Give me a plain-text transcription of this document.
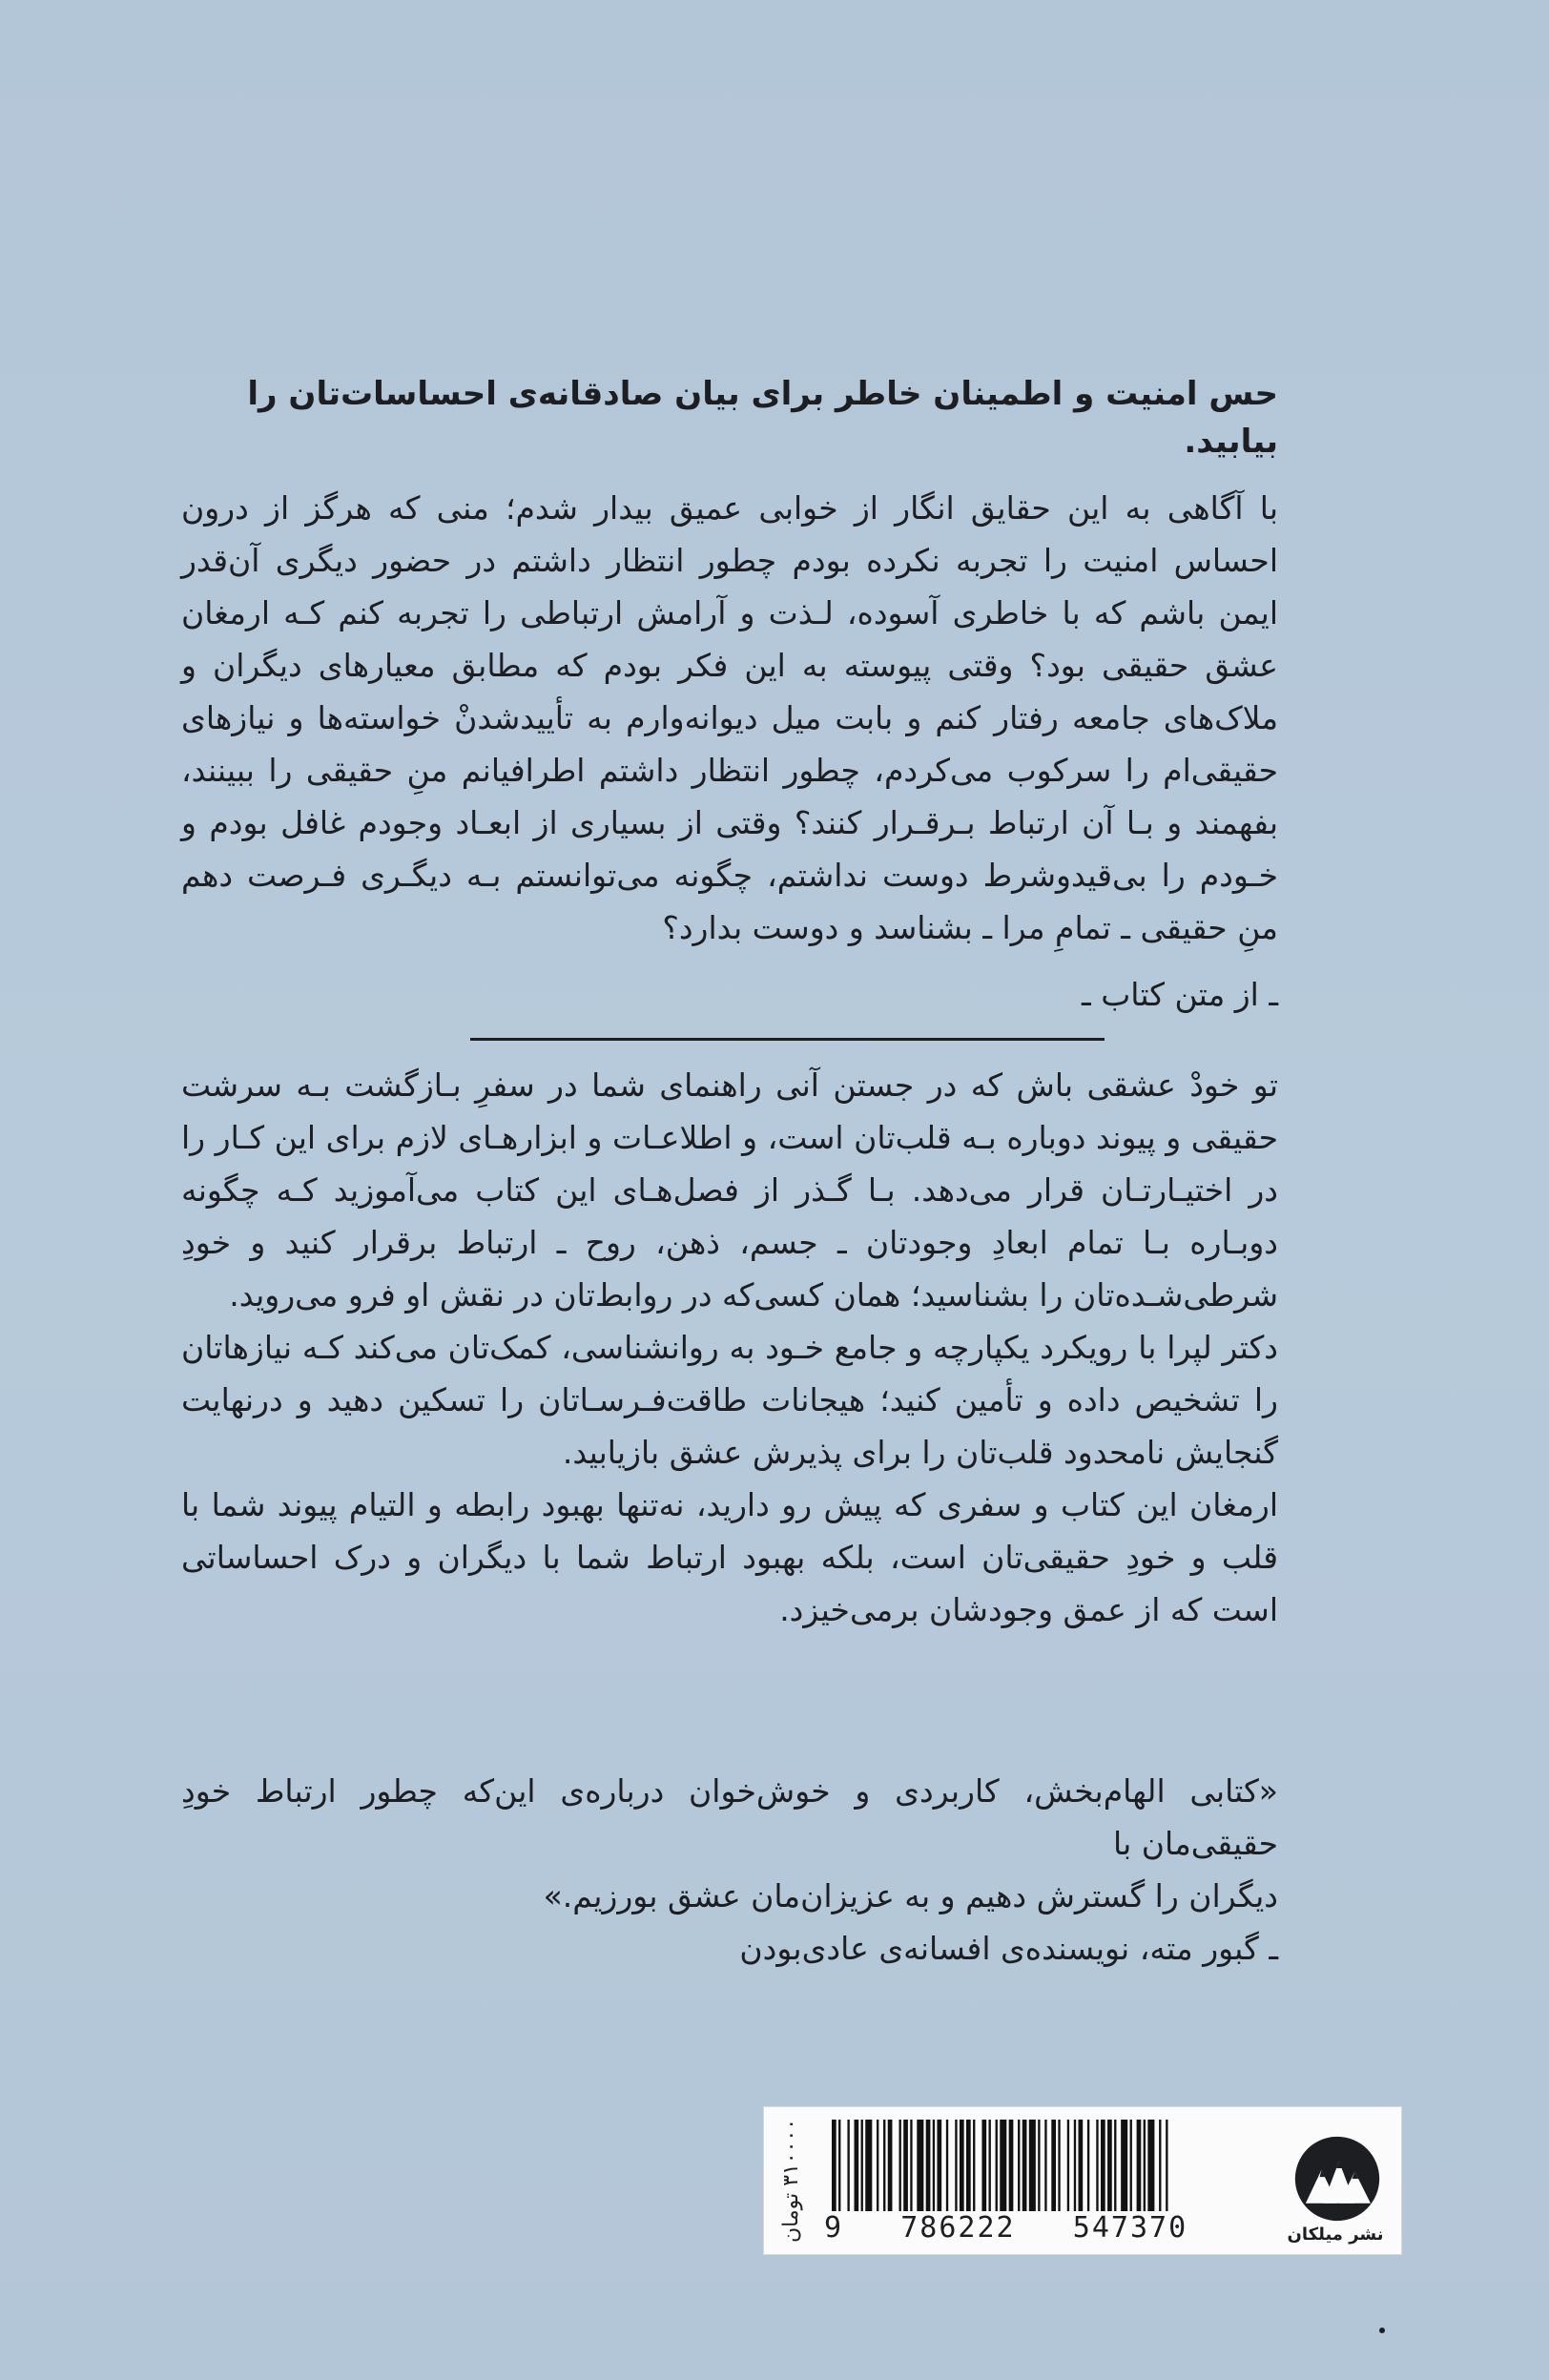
حس امنیت و اطمینان خاطر برای بیان صادقانه‌ی احساسات‌تان را بیابید.
با آگاهی به این حقایق انگار از خوابی عمیق بیدار شدم؛ منی که هرگز از درون احساس امنیت را تجربه نکرده بودم چطور انتظار داشتم در حضور دیگری آن‌قدر ایمن باشم که با خاطری آسوده، لـذت و آرامش ارتباطی را تجربه کنم کـه ارمغان عشق حقیقی بود؟ وقتی پیوسته به این فکر بودم که مطابق معیارهای دیگران و ملاک‌های جامعه رفتار کنم و بابت میل دیوانه‌وارم به تأییدشدنْ خواسته‌ها و نیازهای حقیقی‌ام را سرکوب می‌کردم، چطور انتظار داشتم اطرافیانم منِ حقیقی را ببینند، بفهمند و بـا آن ارتباط بـرقـرار کنند؟ وقتی از بسیاری از ابعـاد وجودم غافل بودم و خـودم را بی‌قیدوشرط دوست نداشتم، چگونه می‌توانستم بـه دیگـری فـرصت دهم منِ حقیقی ـ تمامِ مرا ـ بشناسد و دوست بدارد؟
ـ از متن کتاب ـ

تو خودْ عشقی باش که در جستن آنی راهنمای شما در سفرِ بـازگشت بـه سرشت حقیقی و پیوند دوباره بـه قلب‌تان است، و اطلاعـات و ابزارهـای لازم برای این کـار را در اختیـارتـان قرار می‌دهد. بـا گـذر از فصل‌هـای این کتاب می‌آموزید کـه چگونه دوبـاره بـا تمام ابعادِ وجودتان ـ جسم، ذهن، روح ـ ارتباط برقرار کنید و خودِ شرطی‌شـده‌تان را بشناسید؛ همان کسی‌که در روابط‌تان در نقش او فرو می‌روید.

دکتر لپرا با رویکرد یکپارچه و جامع خـود به روانشناسی، کمک‌تان می‌کند کـه نیازهاتان را تشخیص داده و تأمین کنید؛ هیجانات طاقت‌فـرسـاتان را تسکین دهید و درنهایت گنجایش نامحدود قلب‌تان را برای پذیرش عشق بازیابید.

ارمغان این کتاب و سفری که پیش رو دارید، نه‌تنها بهبود رابطه و التیام پیوند شما با قلب و خودِ حقیقی‌تان است، بلکه بهبود ارتباط شما با دیگران و درک احساساتی است که از عمق وجودشان برمی‌خیزد.

«کتابی الهام‌بخش، کاربردی و خوش‌خوان درباره‌ی این‌که چطور ارتباط خودِ حقیقی‌مان با

دیگران را گسترش دهیم و به عزیزان‌مان عشق بورزیم.»

ـ گبور مته، نویسنده‌ی افسانه‌ی عادی‌بودن

9   786222   547370
۳۱۰۰۰۰ تومان
نشر میلکان
